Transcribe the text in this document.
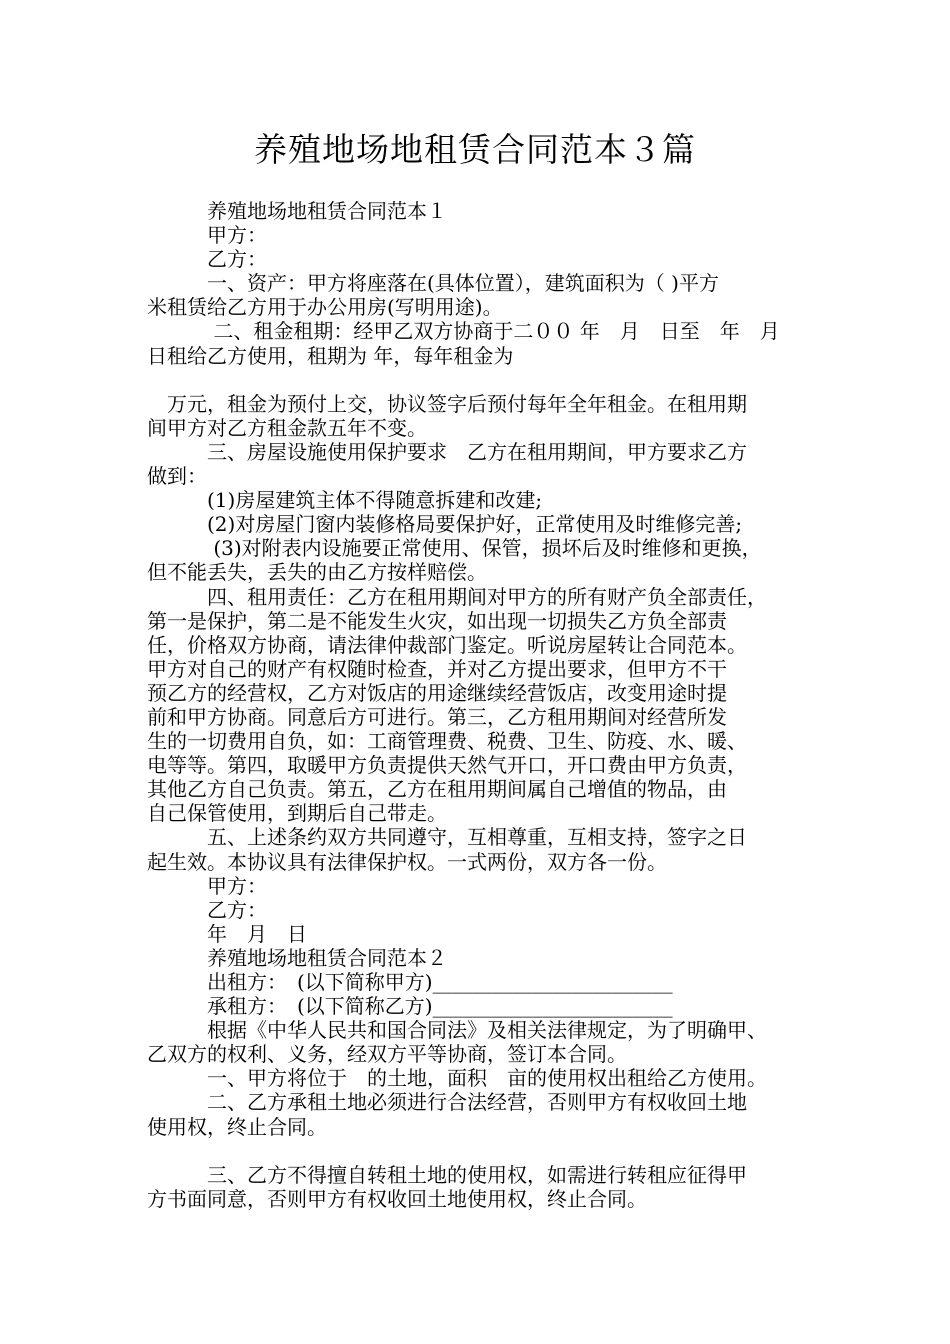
养殖地场地租赁合同范本３篇
　　　养殖地场地租赁合同范本１
　　　甲方：
　　　乙方：
　　　一、资产：甲方将座落在(具体位置），建筑面积为（ )平方
米租赁给乙方用于办公用房(写明用途)。
　　　 二、租金租期：经甲乙双方协商于二００ 年　月　日至　年　月
日租给乙方使用，租期为 年，每年租金为
　万元，租金为预付上交，协议签字后预付每年全年租金。在租用期
间甲方对乙方租金款五年不变。
　　　三、房屋设施使用保护要求　乙方在租用期间，甲方要求乙方
做到：
　　　(1)房屋建筑主体不得随意拆建和改建;
　　　(2)对房屋门窗内装修格局要保护好，正常使用及时维修完善;
　　　 (3)对附表内设施要正常使用、保管，损坏后及时维修和更换，
但不能丢失，丢失的由乙方按样赔偿。
　　　四、租用责任：乙方在租用期间对甲方的所有财产负全部责任，
第一是保护，第二是不能发生火灾，如出现一切损失乙方负全部责
任，价格双方协商，请法律仲裁部门鉴定。听说房屋转让合同范本。
甲方对自己的财产有权随时检查，并对乙方提出要求，但甲方不干
预乙方的经营权，乙方对饭店的用途继续经营饭店，改变用途时提
前和甲方协商。同意后方可进行。第三，乙方租用期间对经营所发
生的一切费用自负，如：工商管理费、税费、卫生、防疫、水、暖、
电等等。第四，取暖甲方负责提供天然气开口，开口费由甲方负责，
其他乙方自己负责。第五，乙方在租用期间属自己增值的物品，由
自己保管使用，到期后自己带走。
　　　五、上述条约双方共同遵守，互相尊重，互相支持，签字之日
起生效。本协议具有法律保护权。一式两份，双方各一份。
　　　甲方：
　　　乙方：
　　　年　月　日
　　　养殖地场地租赁合同范本２
　　　出租方：　(以下简称甲方)________________________
　　　承租方：　(以下简称乙方)________________________
　　　根据《中华人民共和国合同法》及相关法律规定，为了明确甲、
乙双方的权利、义务，经双方平等协商，签订本合同。
　　　一、甲方将位于　的土地，面积　亩的使用权出租给乙方使用。
　　　二、乙方承租土地必须进行合法经营，否则甲方有权收回土地
使用权，终止合同。
　　　三、乙方不得擅自转租土地的使用权，如需进行转租应征得甲
方书面同意，否则甲方有权收回土地使用权，终止合同。
